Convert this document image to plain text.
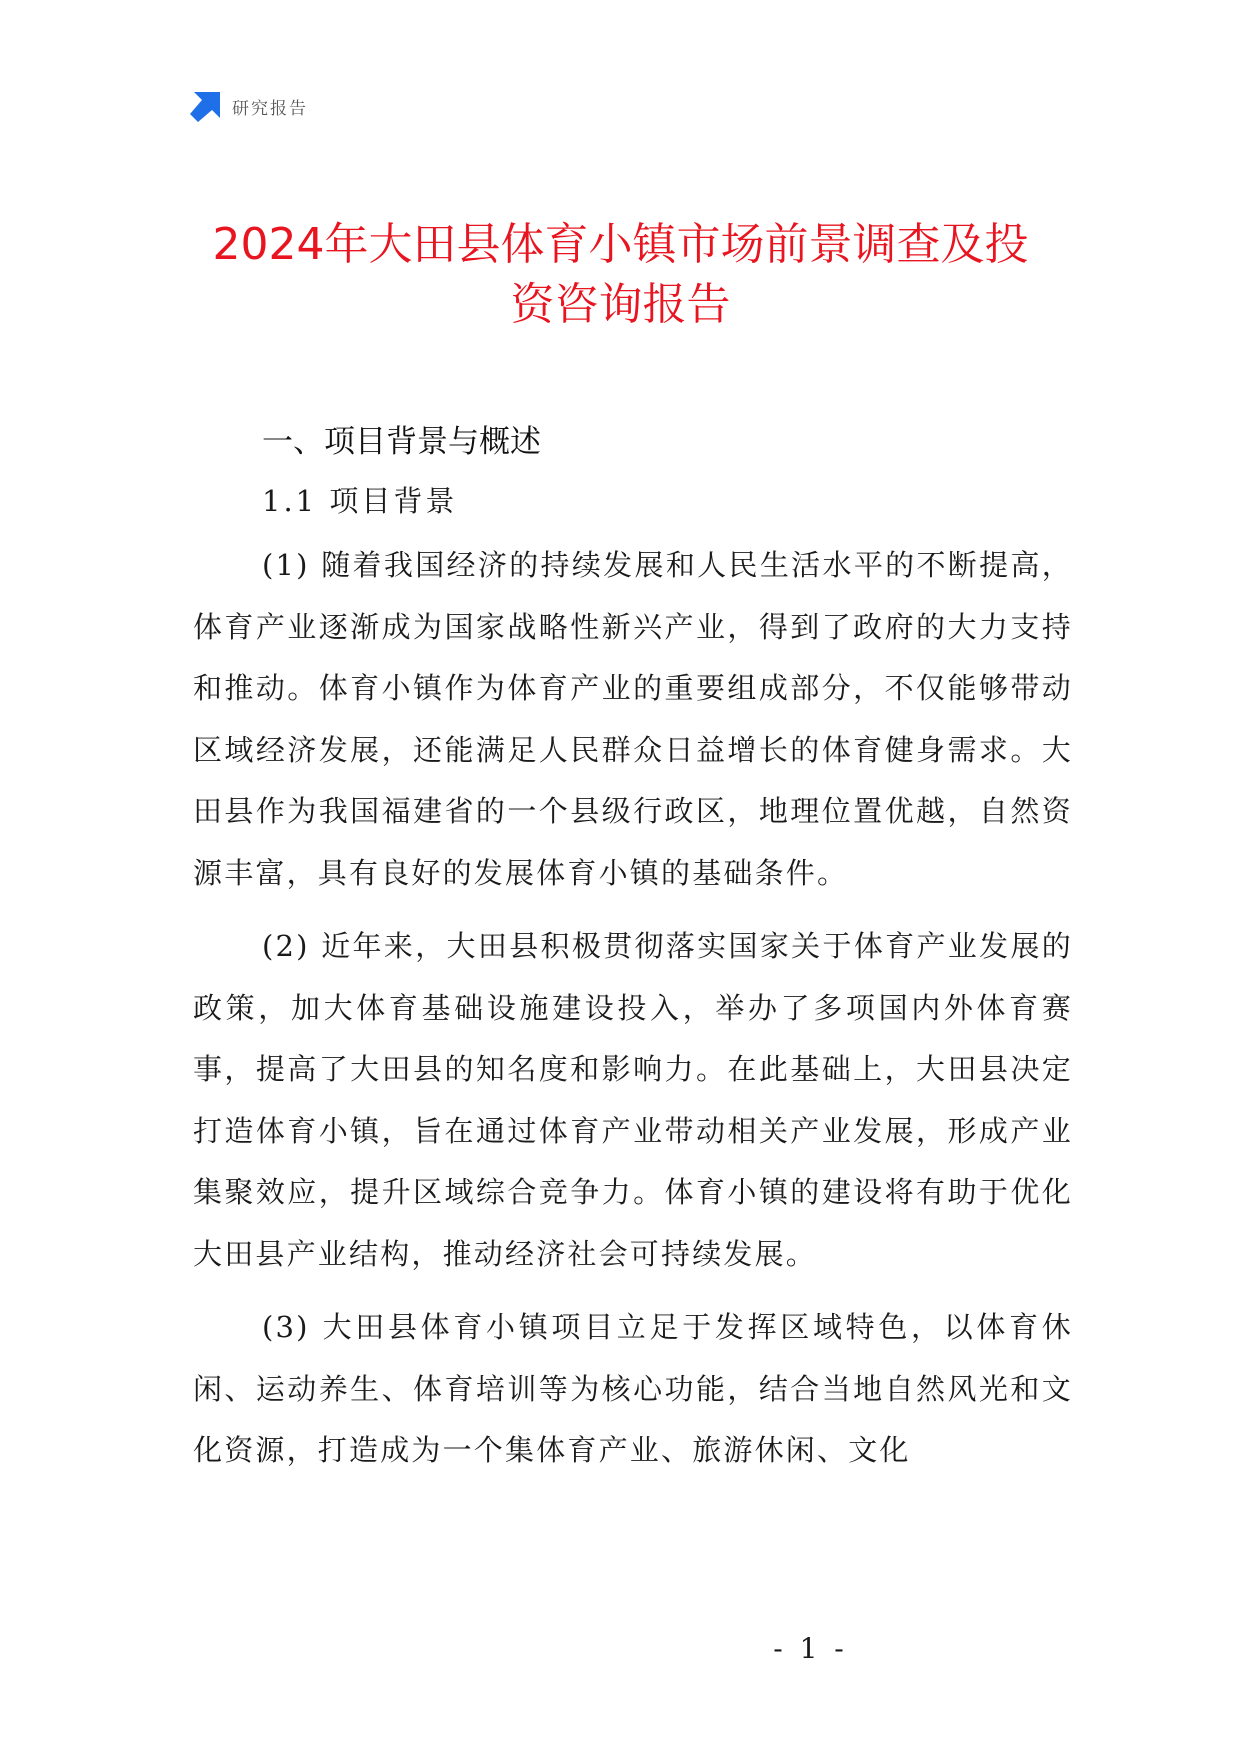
研究报告
2024年大田县体育小镇市场前景调查及投
资咨询报告
一、项目背景与概述
1.1 项目背景

(1) 随着我国经济的持续发展和人民生活水平的不断提高，体育产业逐渐成为国家战略性新兴产业，得到了政府的大力支持和推动。体育小镇作为体育产业的重要组成部分，不仅能够带动区域经济发展，还能满足人民群众日益增长的体育健身需求。大田县作为我国福建省的一个县级行政区，地理位置优越，自然资源丰富，具有良好的发展体育小镇的基础条件。

(2) 近年来，大田县积极贯彻落实国家关于体育产业发展的政策，加大体育基础设施建设投入，举办了多项国内外体育赛事，提高了大田县的知名度和影响力。在此基础上，大田县决定打造体育小镇，旨在通过体育产业带动相关产业发展，形成产业集聚效应，提升区域综合竞争力。体育小镇的建设将有助于优化大田县产业结构，推动经济社会可持续发展。

(3) 大田县体育小镇项目立足于发挥区域特色，以体育休闲、运动养生、体育培训等为核心功能，结合当地自然风光和文化资源，打造成为一个集体育产业、旅游休闲、文化

- 1 -
